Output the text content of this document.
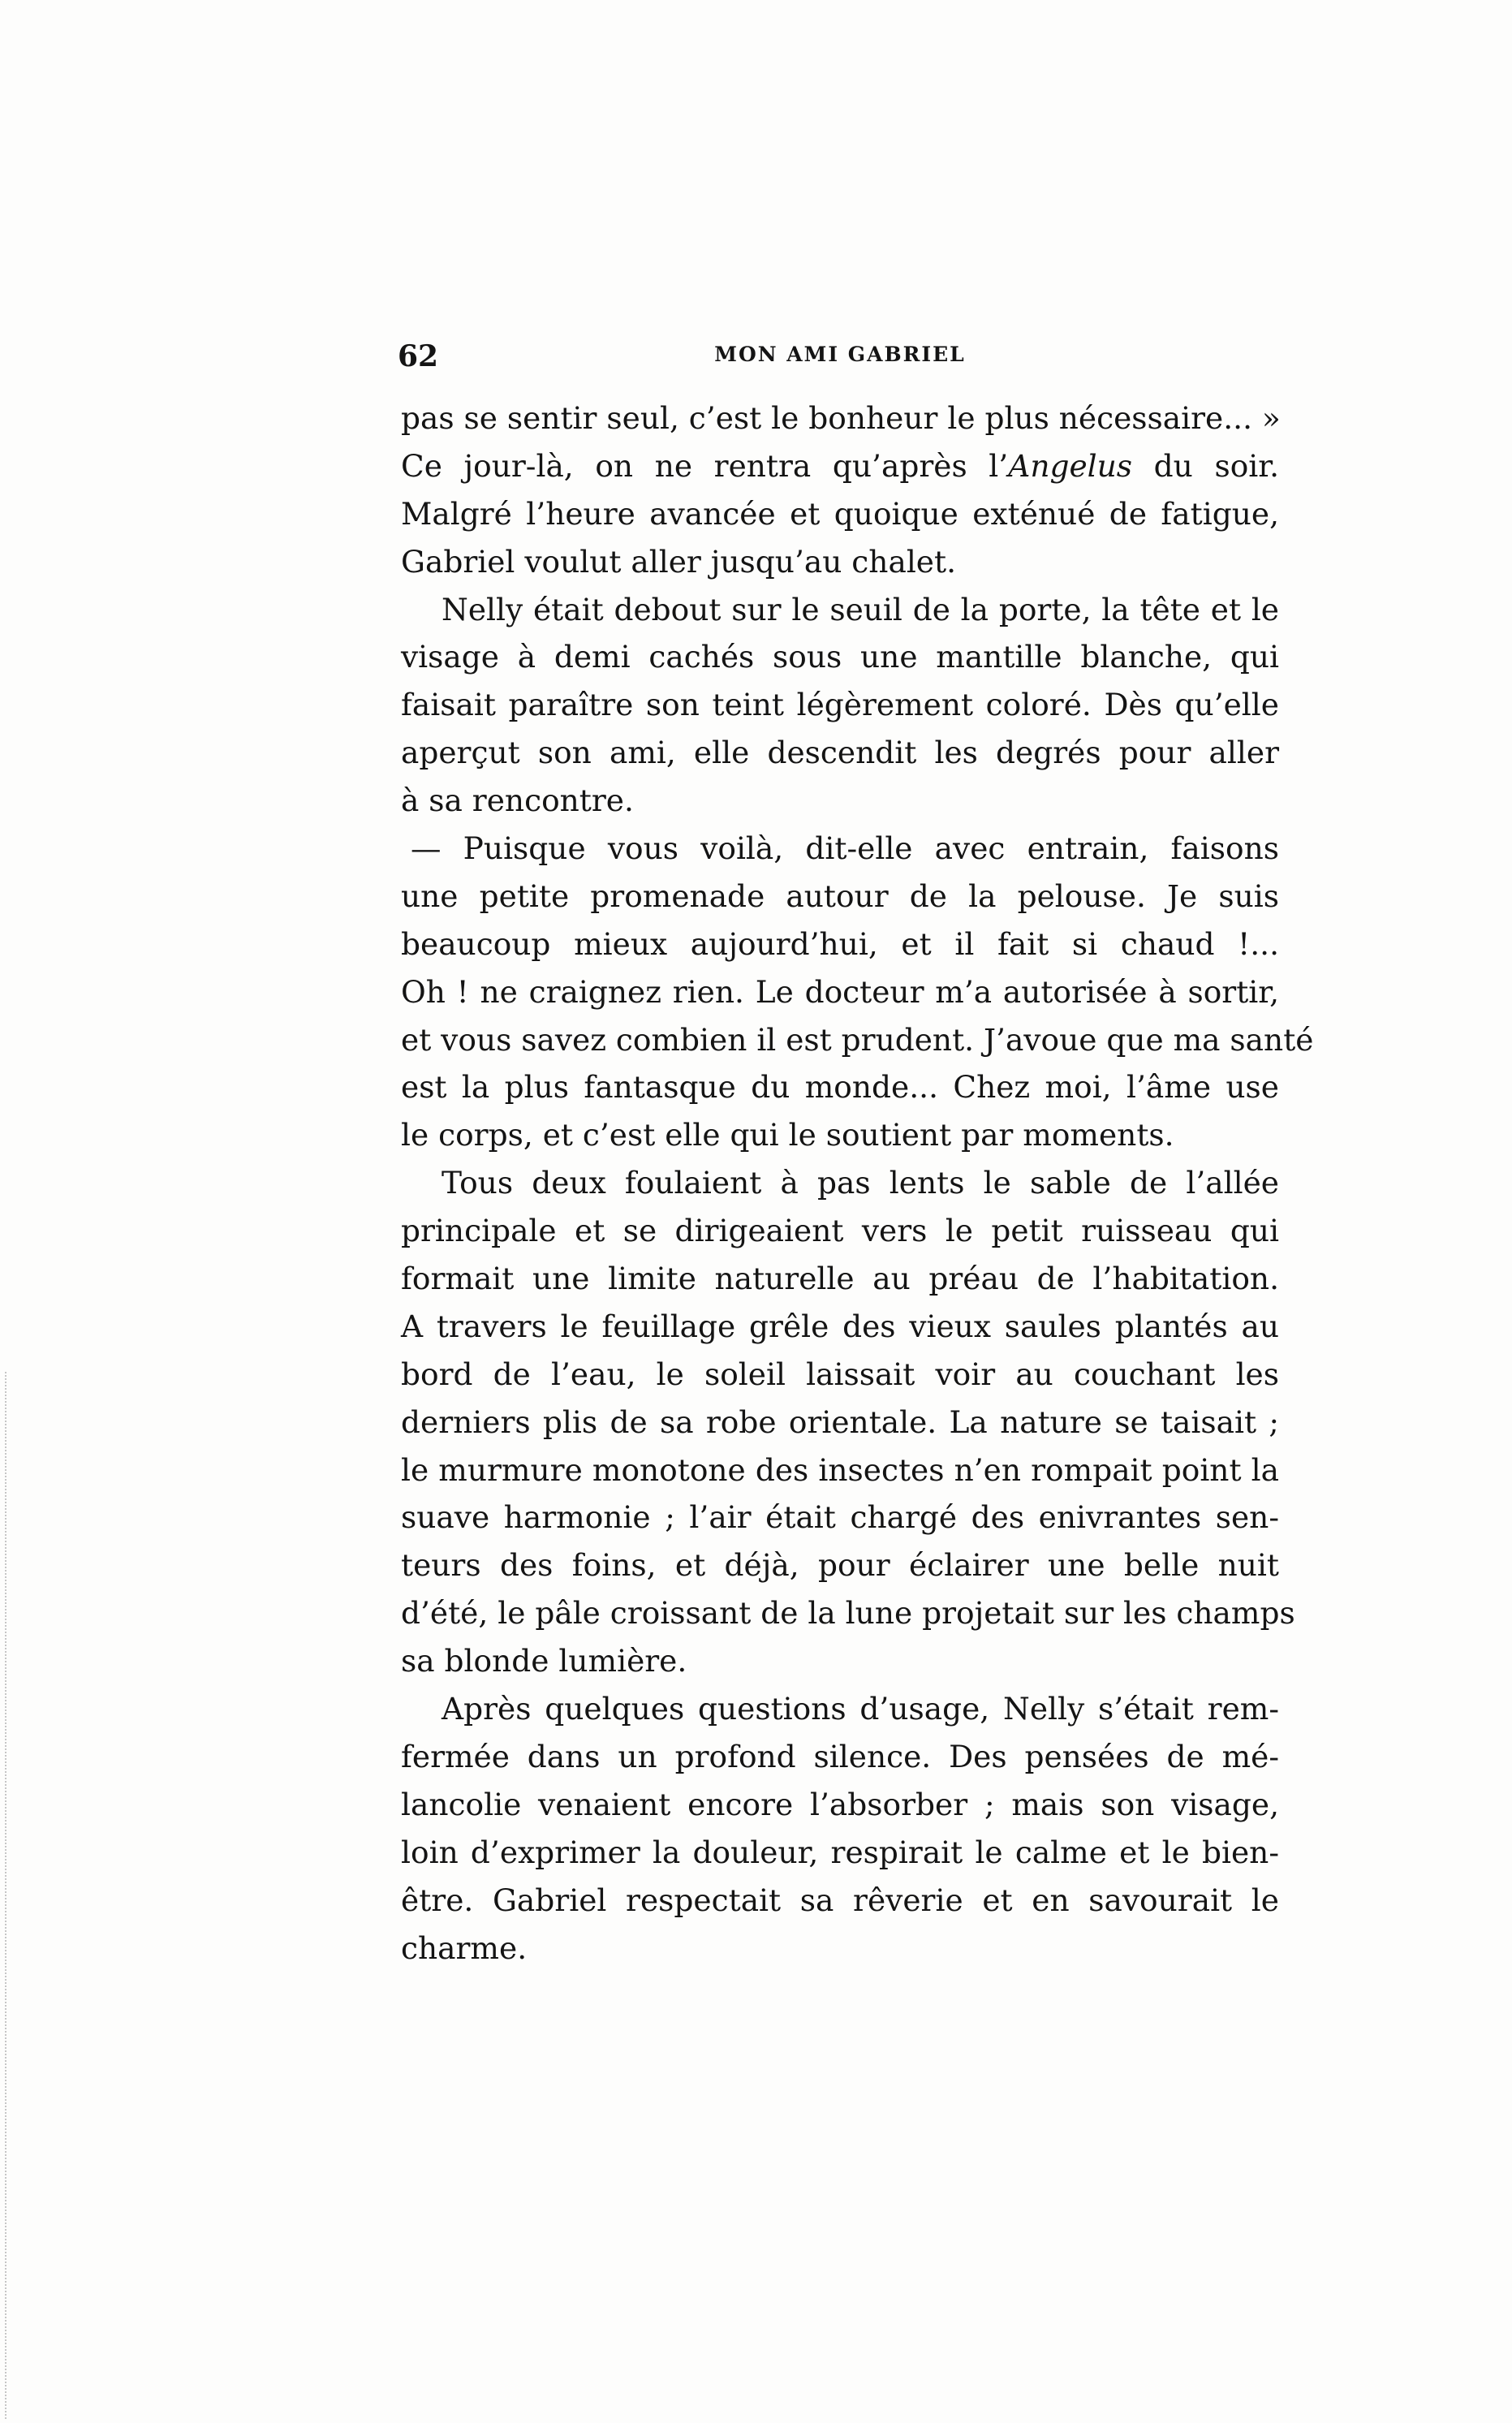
62	MON AMI GABRIEL
pas se sentir seul, c’est le bonheur le plus nécessaire... »
Ce jour-là, on ne rentra qu’après l’Angelus du soir.
Malgré l’heure avancée et quoique exténué de fatigue,
Gabriel voulut aller jusqu’au chalet.
Nelly était debout sur le seuil de la porte, la tête et le
visage à demi cachés sous une mantille blanche, qui
faisait paraître son teint légèrement coloré. Dès qu’elle
aperçut son ami, elle descendit les degrés pour aller
à sa rencontre.
— Puisque vous voilà, dit-elle avec entrain, faisons
une petite promenade autour de la pelouse. Je suis
beaucoup mieux aujourd’hui, et il fait si chaud !...
Oh ! ne craignez rien. Le docteur m’a autorisée à sortir,
et vous savez combien il est prudent. J’avoue que ma santé
est la plus fantasque du monde... Chez moi, l’âme use
le corps, et c’est elle qui le soutient par moments.
Tous deux foulaient à pas lents le sable de l’allée
principale et se dirigeaient vers le petit ruisseau qui
formait une limite naturelle au préau de l’habitation.
A travers le feuillage grêle des vieux saules plantés au
bord de l’eau, le soleil laissait voir au couchant les
derniers plis de sa robe orientale. La nature se taisait ;
le murmure monotone des insectes n’en rompait point la
suave harmonie ; l’air était chargé des enivrantes sen-
teurs des foins, et déjà, pour éclairer une belle nuit
d’été, le pâle croissant de la lune projetait sur les champs
sa blonde lumière.
Après quelques questions d’usage, Nelly s’était rem-
fermée dans un profond silence. Des pensées de mé-
lancolie venaient encore l’absorber ; mais son visage,
loin d’exprimer la douleur, respirait le calme et le bien-
être. Gabriel respectait sa rêverie et en savourait le
charme.
